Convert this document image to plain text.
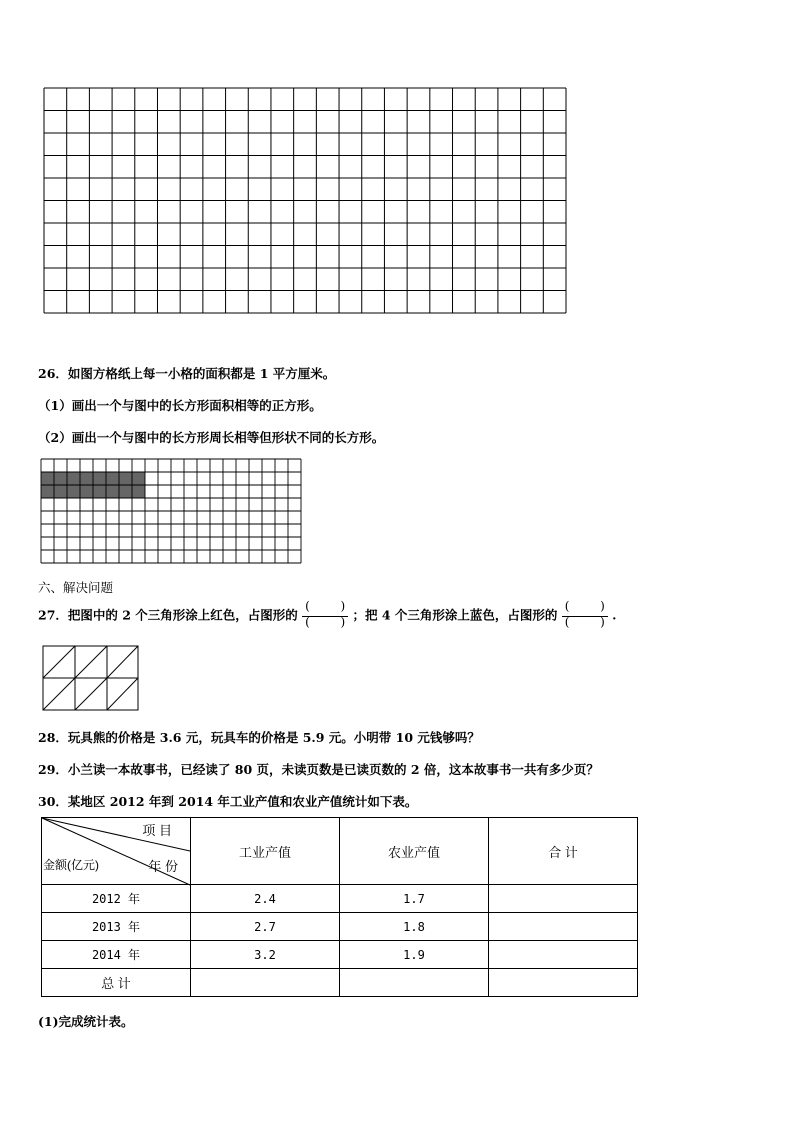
26．如图方格纸上每一小格的面积都是 1 平方厘米。
（1）画出一个与图中的长方形面积相等的正方形。
（2）画出一个与图中的长方形周长相等但形状不同的长方形。
六、解决问题
27．把图中的 2 个三角形涂上红色，占图形的 (	)
(	) ；把 4 个三角形涂上蓝色，占图形的 (	)
(	) .
28．玩具熊的价格是 3.6 元，玩具车的价格是 5.9 元。小明带 10 元钱够吗？
29．小兰读一本故事书，已经读了 80 页，未读页数是已读页数的 2 倍，这本故事书一共有多少页？
30．某地区 2012 年到 2014 年工业产值和农业产值统计如下表。
项 目
金额(亿元) 年 份	工业产值	农业产值	合 计
2012 年	2.4	1.7	
2013 年	2.7	1.8	
2014 年	3.2	1.9	
总 计			
(1)完成统计表。
